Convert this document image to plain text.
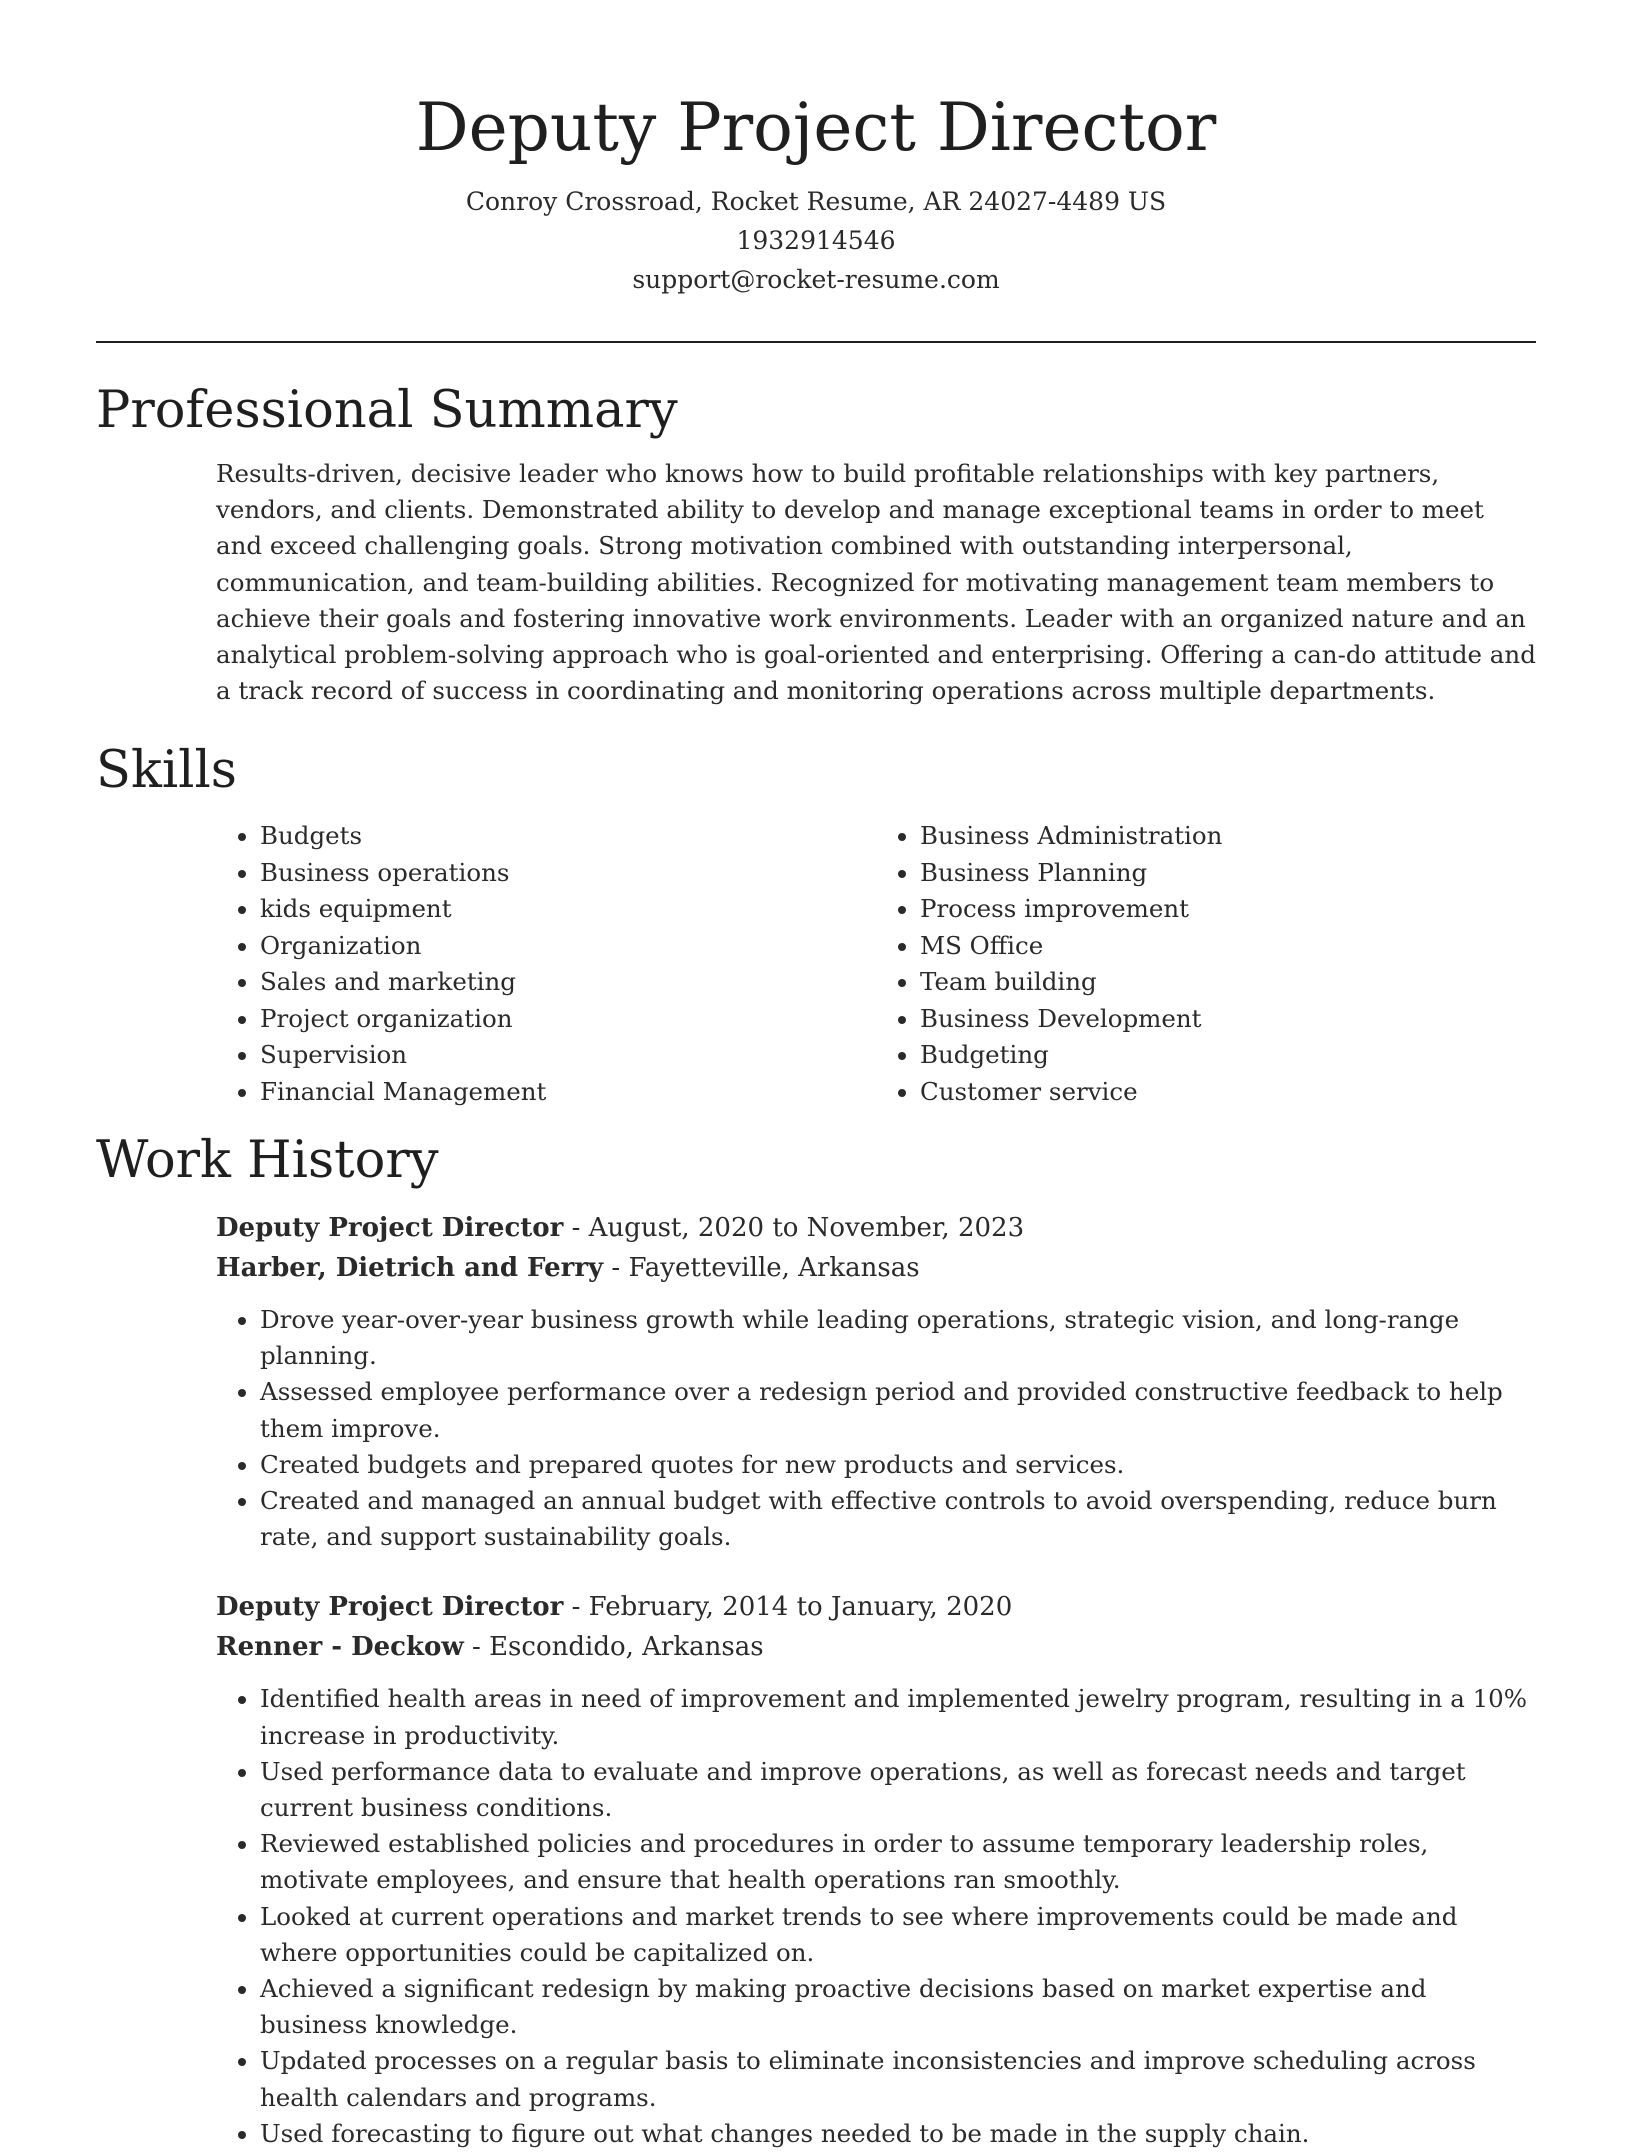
Deputy Project Director
Conroy Crossroad, Rocket Resume, AR 24027-4489 US
1932914546
support@rocket-resume.com
Professional Summary

Results-driven, decisive leader who knows how to build profitable relationships with key partners, vendors, and clients. Demonstrated ability to develop and manage exceptional teams in order to meet and exceed challenging goals. Strong motivation combined with outstanding interpersonal, communication, and team-building abilities. Recognized for motivating management team members to achieve their goals and fostering innovative work environments. Leader with an organized nature and an analytical problem-solving approach who is goal-oriented and enterprising. Offering a can-do attitude and a track record of success in coordinating and monitoring operations across multiple departments.

Skills
• Budgets
• Business operations
• kids equipment
• Organization
• Sales and marketing
• Project organization
• Supervision
• Financial Management
• Business Administration
• Business Planning
• Process improvement
• MS Office
• Team building
• Business Development
• Budgeting
• Customer service
Work History
Deputy Project Director - August, 2020 to November, 2023
Harber, Dietrich and Ferry - Fayetteville, Arkansas
• Drove year-over-year business growth while leading operations, strategic vision, and long-range planning.
• Assessed employee performance over a redesign period and provided constructive feedback to help them improve.
• Created budgets and prepared quotes for new products and services.
• Created and managed an annual budget with effective controls to avoid overspending, reduce burn rate, and support sustainability goals.
Deputy Project Director - February, 2014 to January, 2020
Renner - Deckow - Escondido, Arkansas
• Identified health areas in need of improvement and implemented jewelry program, resulting in a 10% increase in productivity.
• Used performance data to evaluate and improve operations, as well as forecast needs and target current business conditions.
• Reviewed established policies and procedures in order to assume temporary leadership roles, motivate employees, and ensure that health operations ran smoothly.
• Looked at current operations and market trends to see where improvements could be made and where opportunities could be capitalized on.
• Achieved a significant redesign by making proactive decisions based on market expertise and business knowledge.
• Updated processes on a regular basis to eliminate inconsistencies and improve scheduling across health calendars and programs.
• Used forecasting to figure out what changes needed to be made in the supply chain.
